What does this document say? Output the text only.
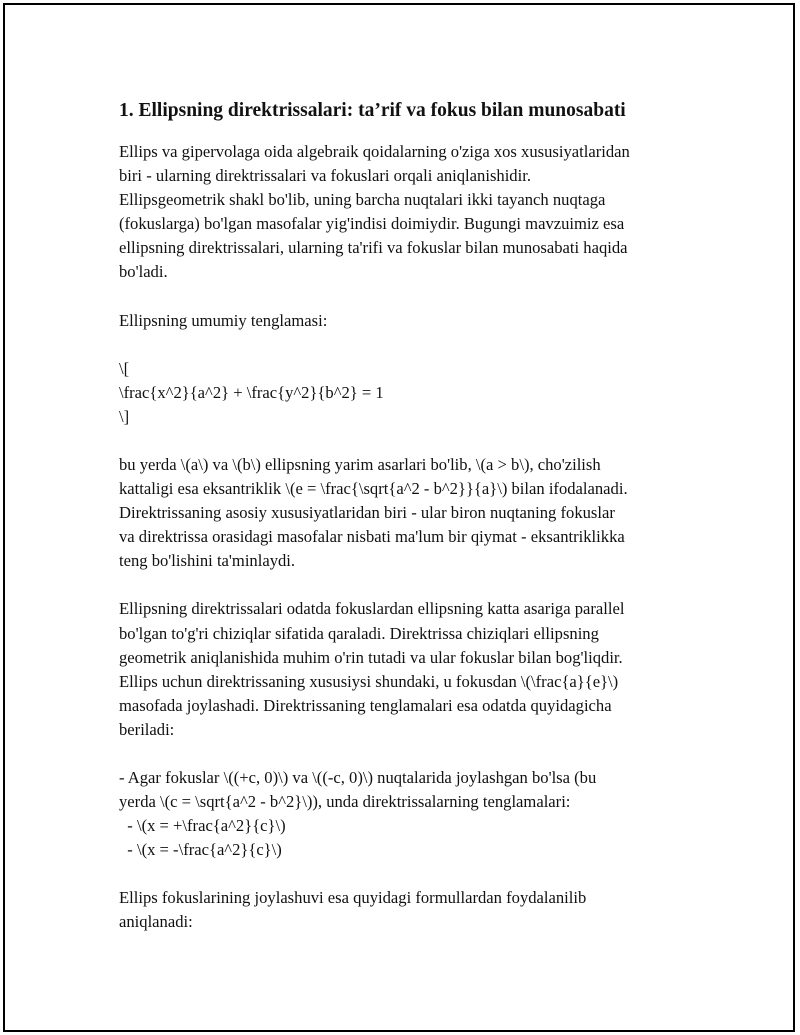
1. Ellipsning direktrissalari: ta’rif va fokus bilan munosabati

Ellips va gipervolaga oida algebraik qoidalarning o'ziga xos xususiyatlaridan
biri - ularning direktrissalari va fokuslari orqali aniqlanishidir.
Ellipsgeometrik shakl bo'lib, uning barcha nuqtalari ikki tayanch nuqtaga
(fokuslarga) bo'lgan masofalar yig'indisi doimiydir. Bugungi mavzuimiz esa
ellipsning direktrissalari, ularning ta'rifi va fokuslar bilan munosabati haqida
bo'ladi.

Ellipsning umumiy tenglamasi:

\[
\frac{x^2}{a^2} + \frac{y^2}{b^2} = 1
\]

bu yerda \(a\) va \(b\) ellipsning yarim asarlari bo'lib, \(a > b\), cho'zilish
kattaligi esa eksantriklik \(e = \frac{\sqrt{a^2 - b^2}}{a}\) bilan ifodalanadi.
Direktrissaning asosiy xususiyatlaridan biri - ular biron nuqtaning fokuslar
va direktrissa orasidagi masofalar nisbati ma'lum bir qiymat - eksantriklikka
teng bo'lishini ta'minlaydi.

Ellipsning direktrissalari odatda fokuslardan ellipsning katta asariga parallel
bo'lgan to'g'ri chiziqlar sifatida qaraladi. Direktrissa chiziqlari ellipsning
geometrik aniqlanishida muhim o'rin tutadi va ular fokuslar bilan bog'liqdir.
Ellips uchun direktrissaning xususiysi shundaki, u fokusdan \(\frac{a}{e}\)
masofada joylashadi. Direktrissaning tenglamalari esa odatda quyidagicha
beriladi:

- Agar fokuslar \((+c, 0)\) va \((-c, 0)\) nuqtalarida joylashgan bo'lsa (bu
yerda \(c = \sqrt{a^2 - b^2}\)), unda direktrissalarning tenglamalari:
- \(x = +\frac{a^2}{c}\)
- \(x = -\frac{a^2}{c}\)

Ellips fokuslarining joylashuvi esa quyidagi formullardan foydalanilib
aniqlanadi:
